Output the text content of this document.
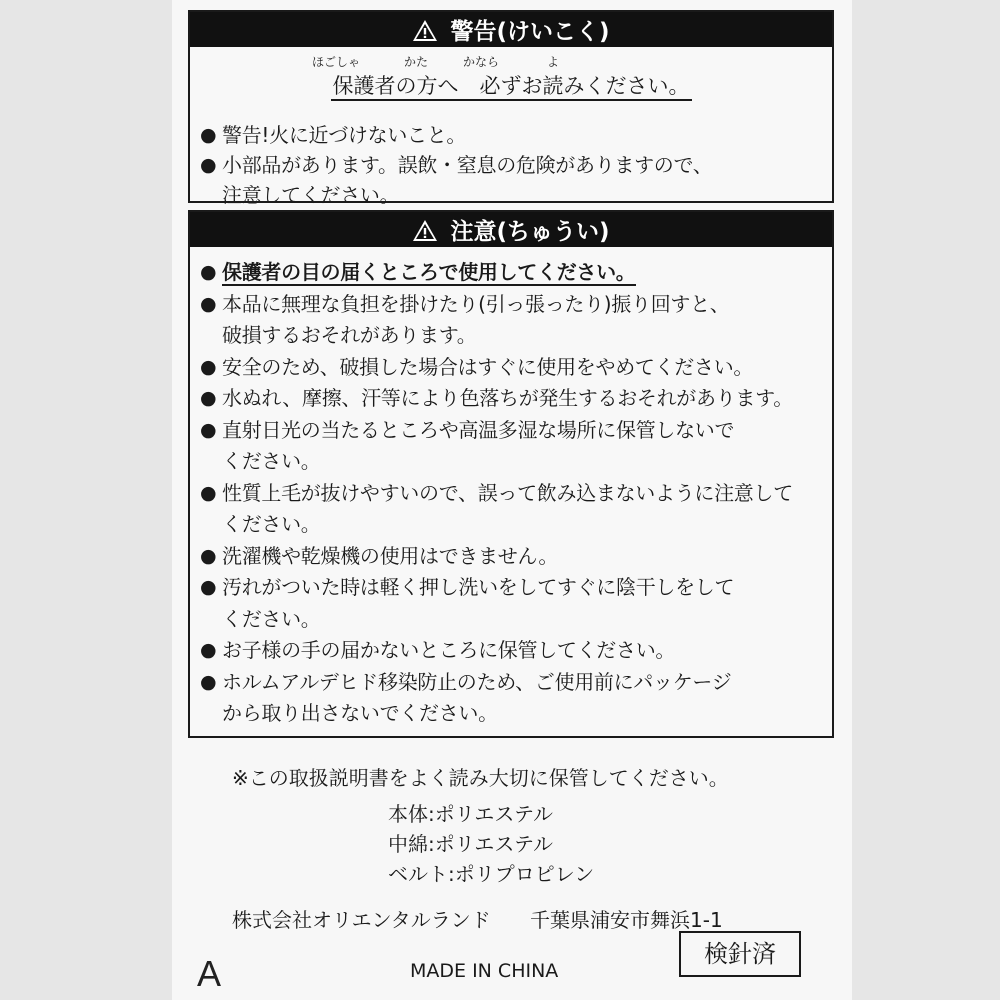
警告(けいこく)
ほごしゃ	かた	かなら	よ
保護者の方へ　必ずお読みください。
● 警告!火に近づけないこと。
● 小部品があります。誤飲・窒息の危険がありますので、
注意してください。
注意(ちゅうい)
● 保護者の目の届くところで使用してください。
● 本品に無理な負担を掛けたり(引っ張ったり)振り回すと、
破損するおそれがあります。
● 安全のため、破損した場合はすぐに使用をやめてください。
● 水ぬれ、摩擦、汗等により色落ちが発生するおそれがあります。
● 直射日光の当たるところや高温多湿な場所に保管しないで
ください。
● 性質上毛が抜けやすいので、誤って飲み込まないように注意して
ください。
● 洗濯機や乾燥機の使用はできません。
● 汚れがついた時は軽く押し洗いをしてすぐに陰干しをして
ください。
● お子様の手の届かないところに保管してください。
● ホルムアルデヒド移染防止のため、ご使用前にパッケージ
から取り出さないでください。
※この取扱説明書をよく読み大切に保管してください。
本体:ポリエステル
中綿:ポリエステル
ベルト:ポリプロピレン
株式会社オリエンタルランド 千葉県浦安市舞浜1-1
A	MADE IN CHINA
検針済
